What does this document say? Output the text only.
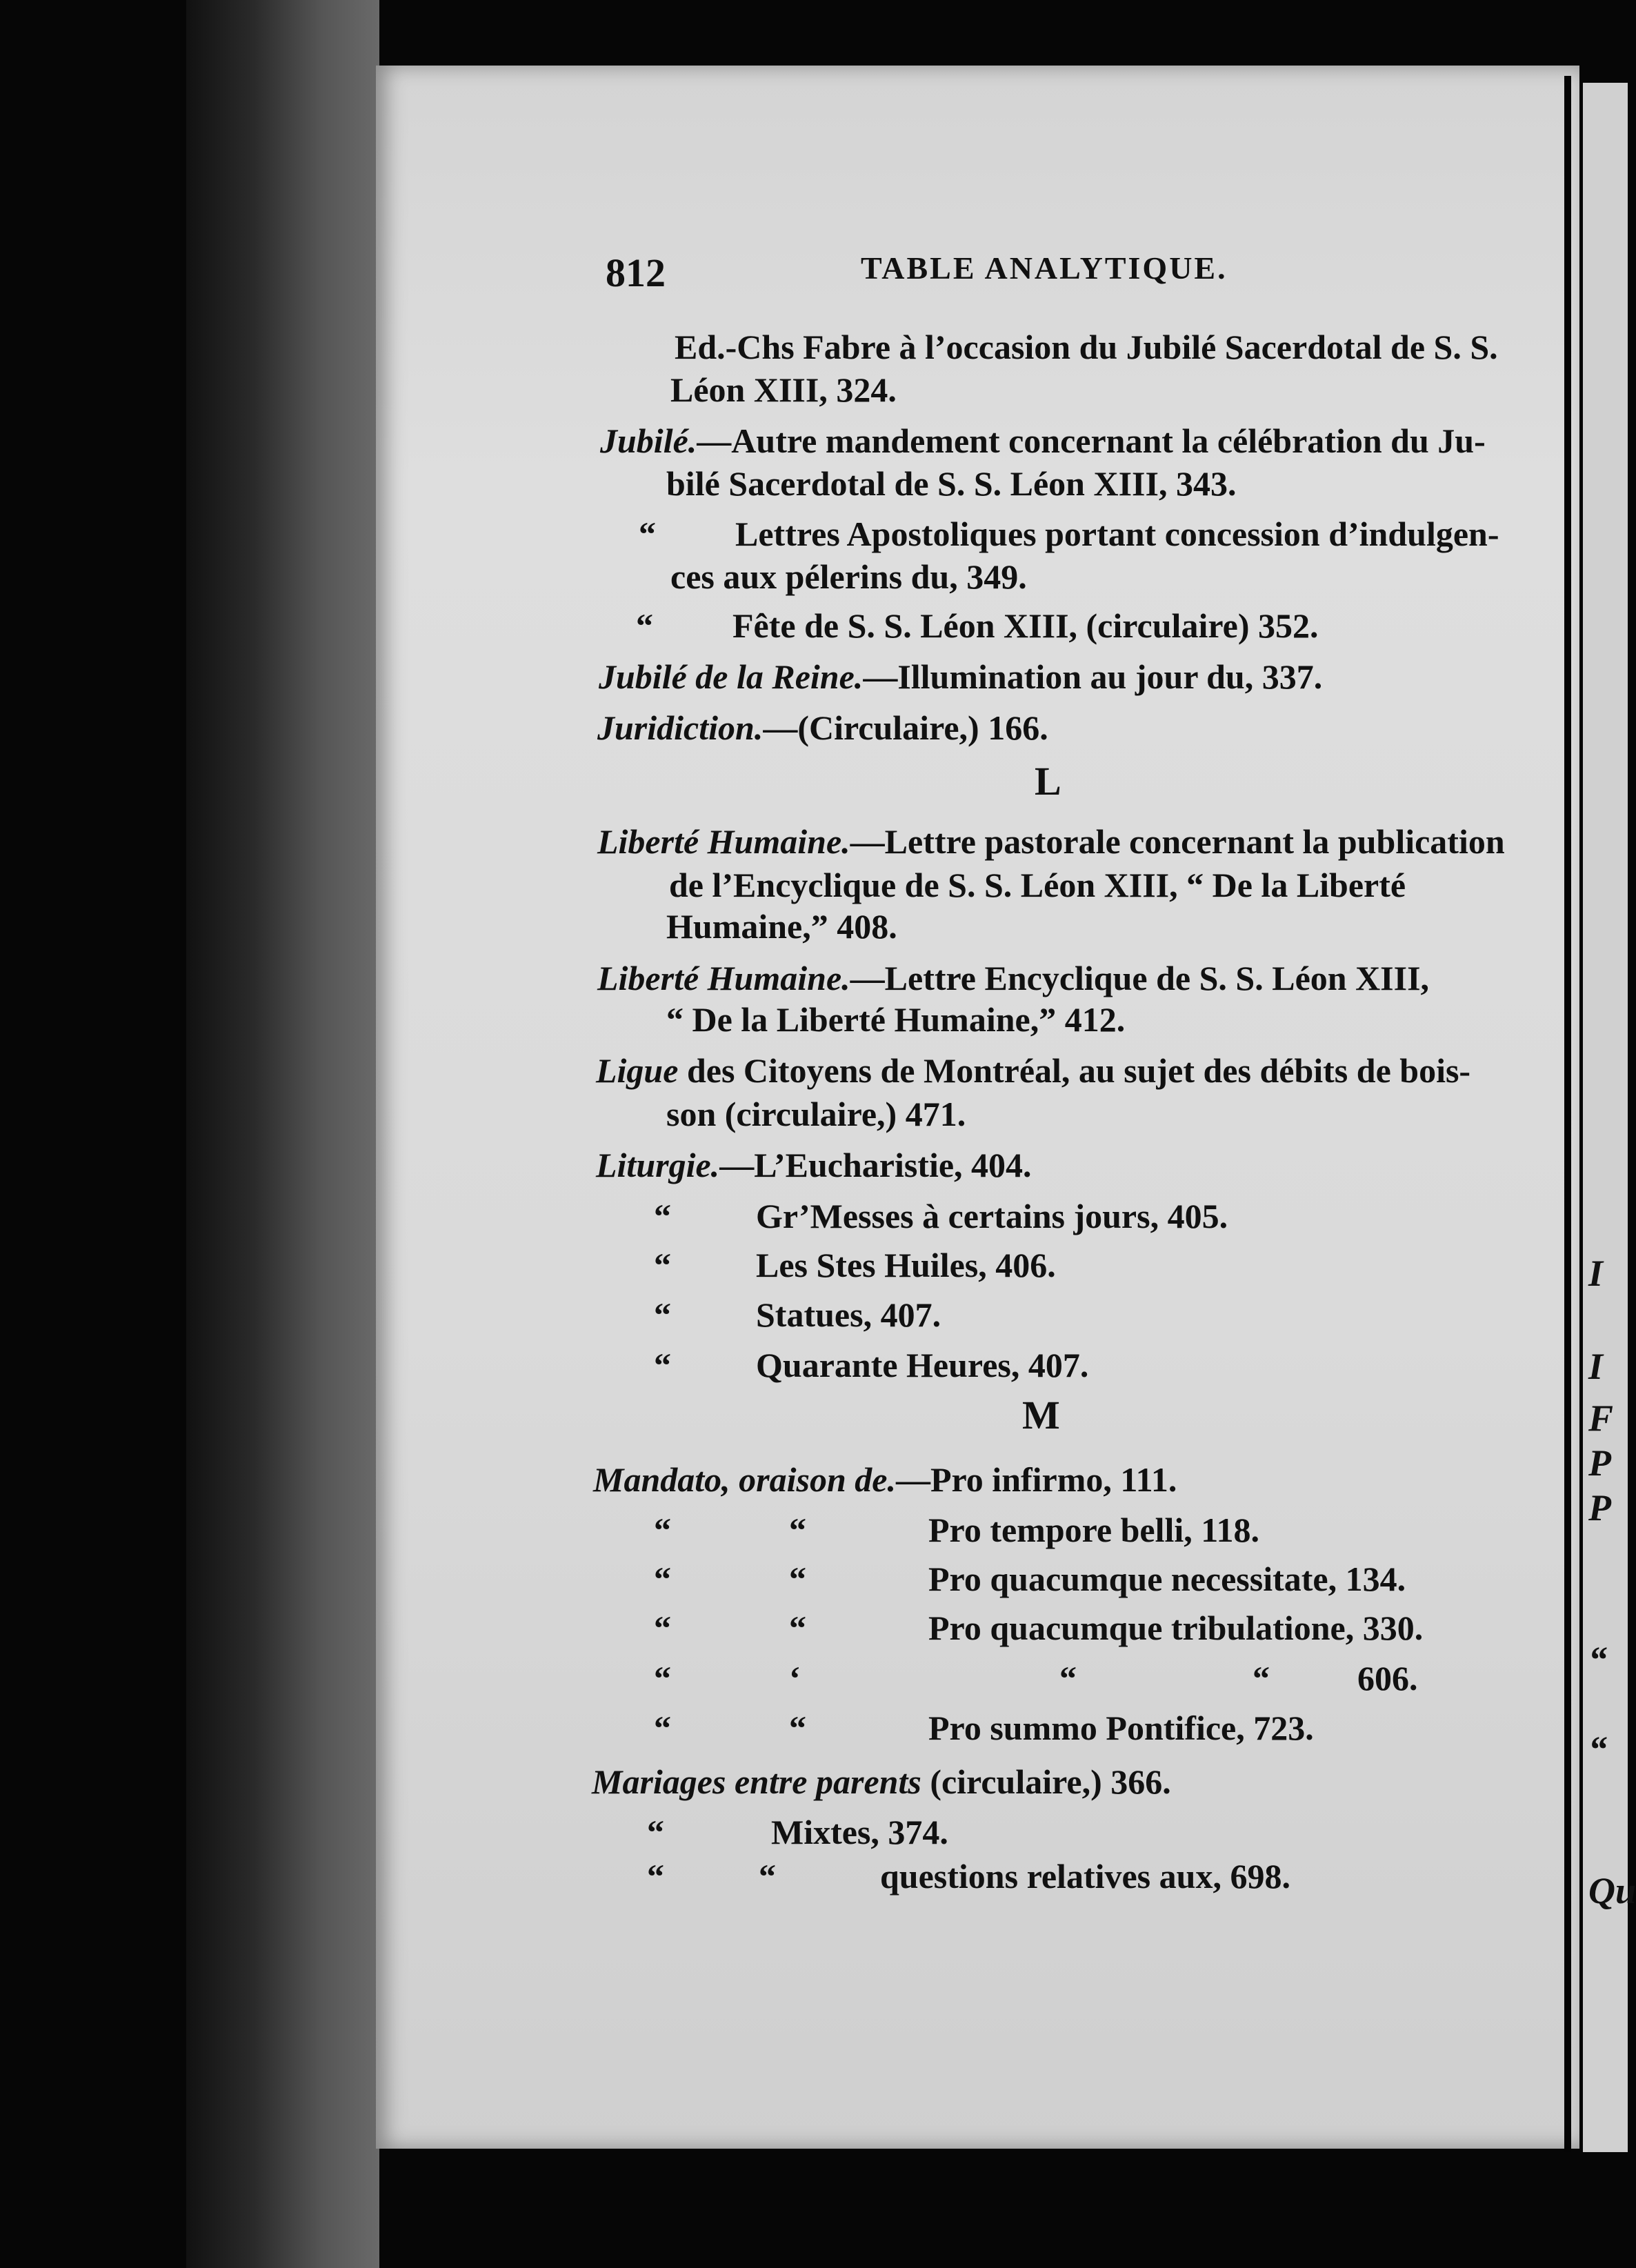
I
I
F
P
P
“
“
Qu
812	TABLE ANALYTIQUE.
Ed.-Chs Fabre à l’occasion du Jubilé Sacerdotal de S. S.
Léon XIII, 324.
Jubilé.—Autre mandement concernant la célébration du Ju-
bilé Sacerdotal de S. S. Léon XIII, 343.
“ Lettres Apostoliques portant concession d’indulgen-
ces aux pélerins du, 349.
“ Fête de S. S. Léon XIII, (circulaire) 352.
Jubilé de la Reine.—Illumination au jour du, 337.
Juridiction.—(Circulaire,) 166.
L
Liberté Humaine.—Lettre pastorale concernant la publication
de l’Encyclique de S. S. Léon XIII, “ De la Liberté
Humaine,” 408.
Liberté Humaine.—Lettre Encyclique de S. S. Léon XIII,
“ De la Liberté Humaine,” 412.
Ligue des Citoyens de Montréal, au sujet des débits de bois-
son (circulaire,) 471.
Liturgie.—L’Eucharistie, 404.
“ Gr’Messes à certains jours, 405.
“ Les Stes Huiles, 406.
“ Statues, 407.
“ Quarante Heures, 407.
M
Mandato, oraison de.—Pro infirmo, 111.
“	“	Pro tempore belli, 118.
“	“	Pro quacumque necessitate, 134.
“	“	Pro quacumque tribulatione, 330.
“	‘	“	“	606.
“	“	Pro summo Pontifice, 723.
Mariages entre parents (circulaire,) 366.
“	Mixtes, 374.
“	“	questions relatives aux, 698.
